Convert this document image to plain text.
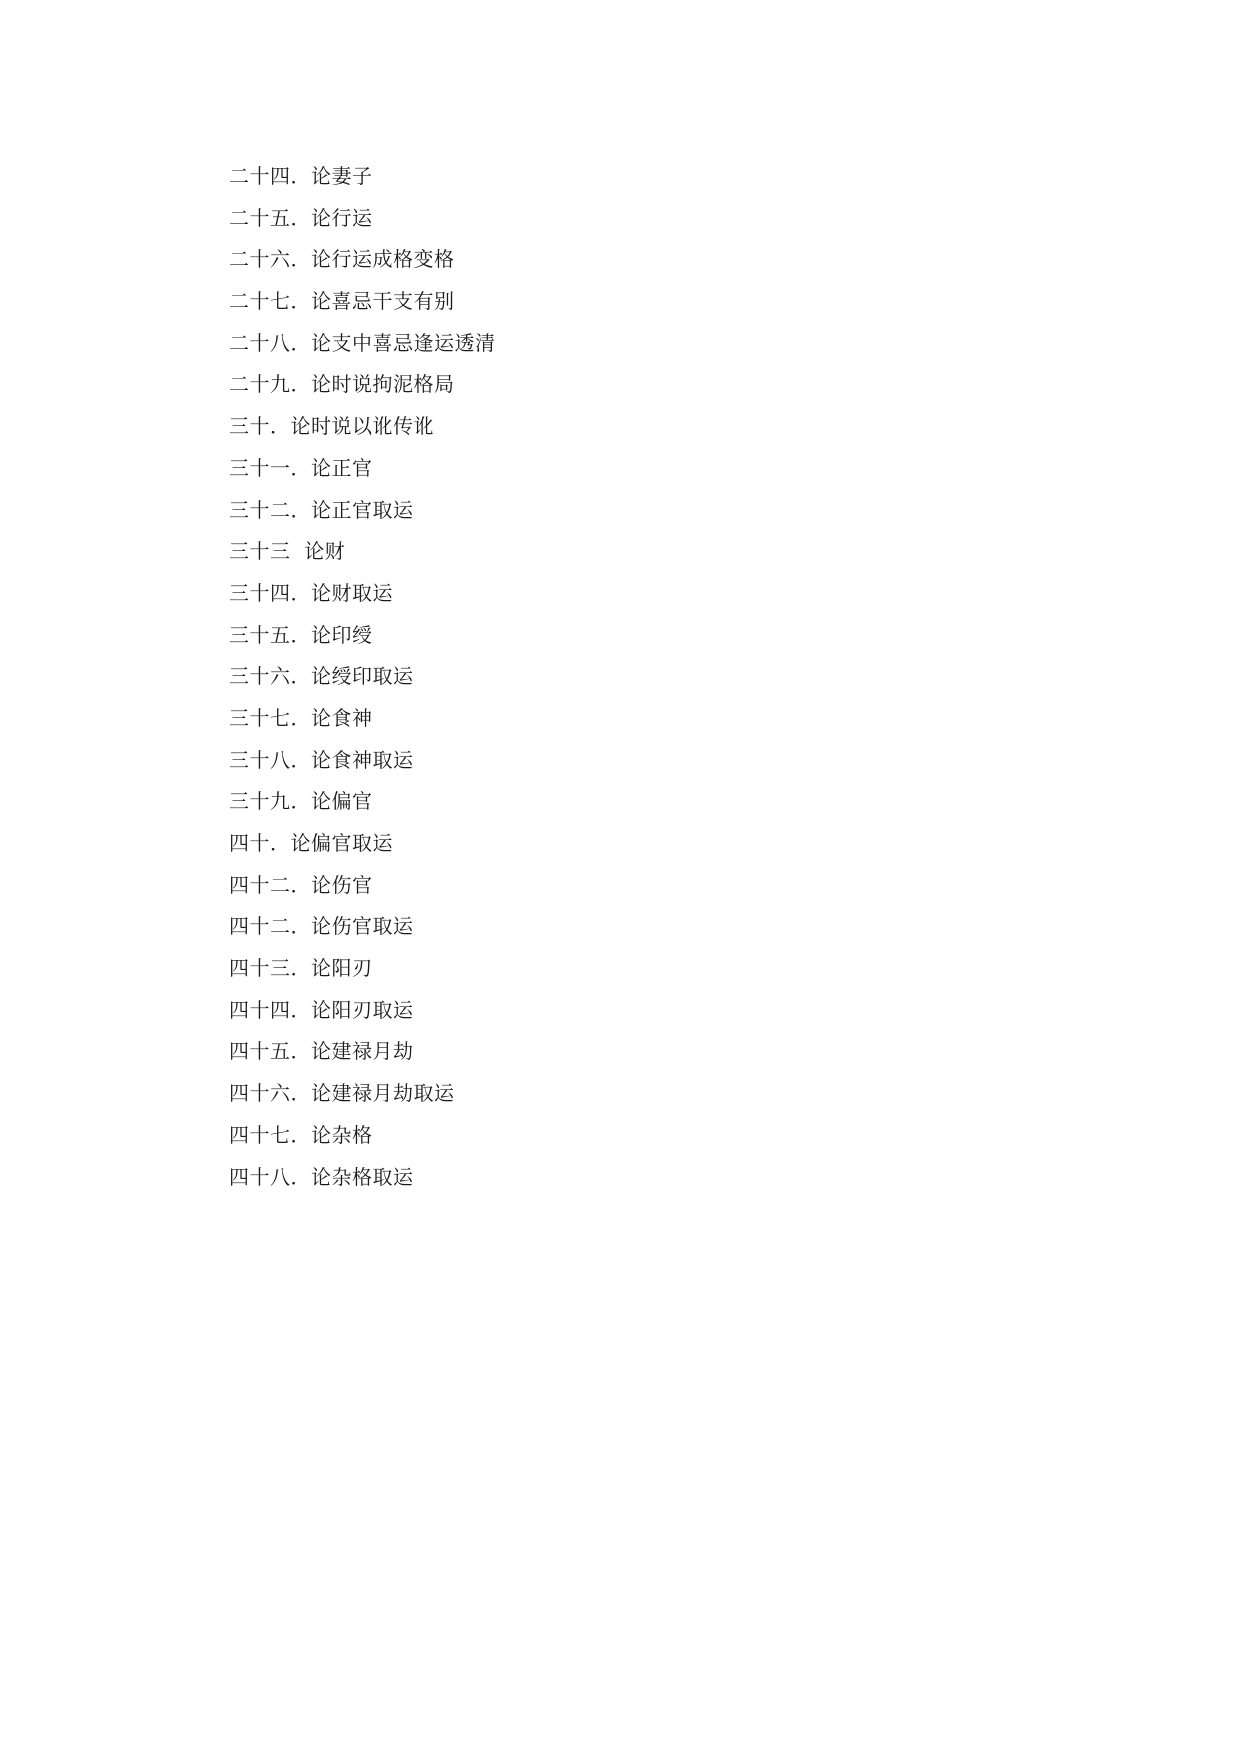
二十四．论妻子
二十五．论行运
二十六．论行运成格变格
二十七．论喜忌干支有别
二十八．论支中喜忌逢运透清
二十九．论时说拘泥格局
三十．论时说以讹传讹
三十一．论正官
三十二．论正官取运
三十三  论财
三十四．论财取运
三十五．论印绶
三十六．论绶印取运
三十七．论食神
三十八．论食神取运
三十九．论偏官
四十．论偏官取运
四十二．论伤官
四十二．论伤官取运
四十三．论阳刃
四十四．论阳刃取运
四十五．论建禄月劫
四十六．论建禄月劫取运
四十七．论杂格
四十八．论杂格取运
